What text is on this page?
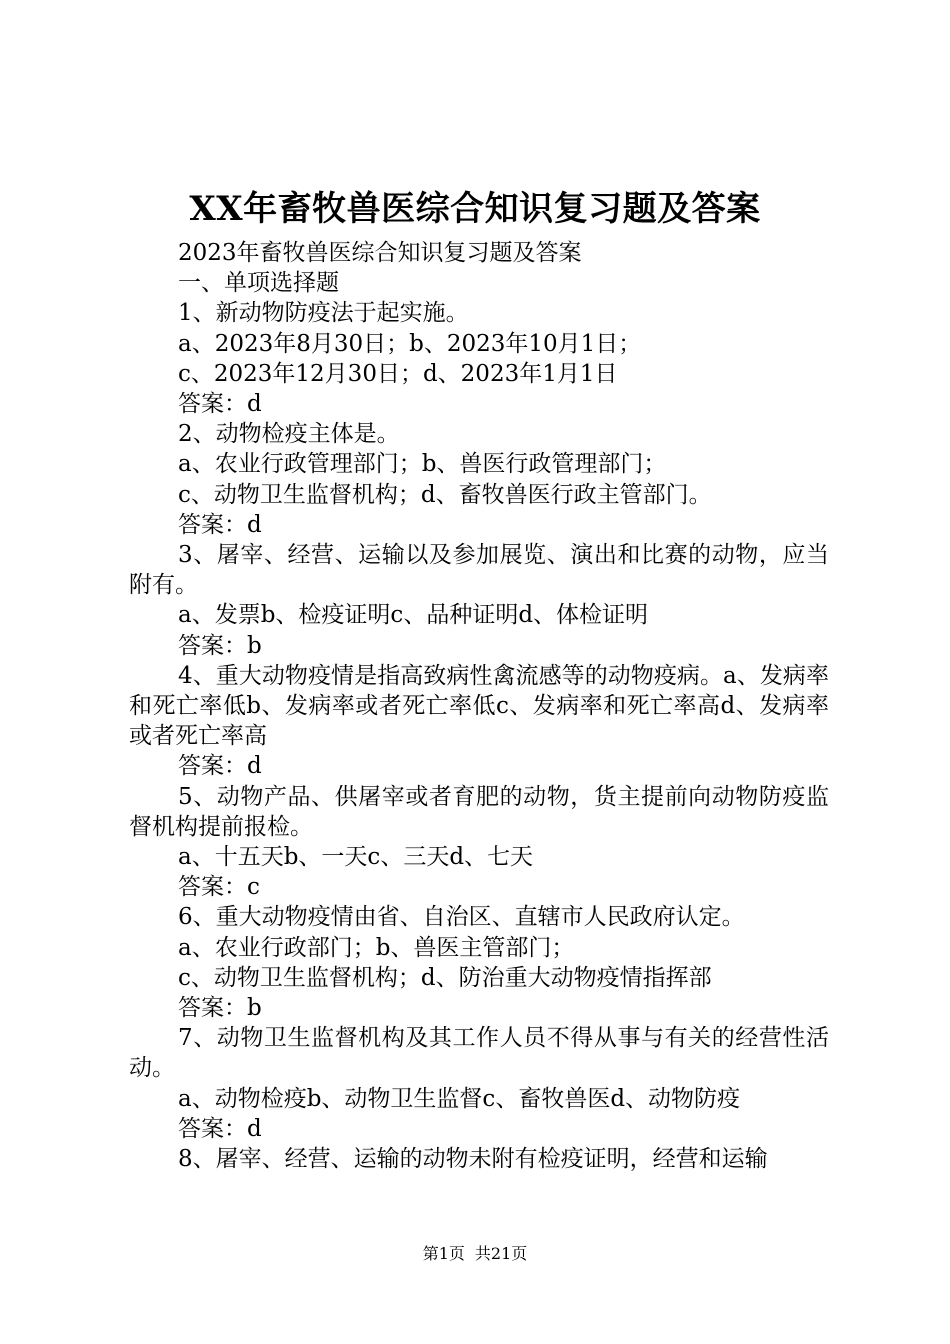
XX年畜牧兽医综合知识复习题及答案

2023年畜牧兽医综合知识复习题及答案

一、单项选择题

1、新动物防疫法于起实施。

a、2023年8月30日；b、2023年10月1日；

c、2023年12月30日；d、2023年1月1日

答案：d

2、动物检疫主体是。

a、农业行政管理部门；b、兽医行政管理部门；

c、动物卫生监督机构；d、畜牧兽医行政主管部门。

答案：d

3、屠宰、经营、运输以及参加展览、演出和比赛的动物，应当附有。

a、发票b、检疫证明c、品种证明d、体检证明

答案：b

4、重大动物疫情是指高致病性禽流感等的动物疫病。a、发病率和死亡率低b、发病率或者死亡率低c、发病率和死亡率高d、发病率或者死亡率高

答案：d

5、动物产品、供屠宰或者育肥的动物，货主提前向动物防疫监督机构提前报检。

a、十五天b、一天c、三天d、七天

答案：c

6、重大动物疫情由省、自治区、直辖市人民政府认定。

a、农业行政部门；b、兽医主管部门；

c、动物卫生监督机构；d、防治重大动物疫情指挥部

答案：b

7、动物卫生监督机构及其工作人员不得从事与有关的经营性活动。

a、动物检疫b、动物卫生监督c、畜牧兽医d、动物防疫

答案：d

8、屠宰、经营、运输的动物未附有检疫证明，经营和运输

第1页 共21页
